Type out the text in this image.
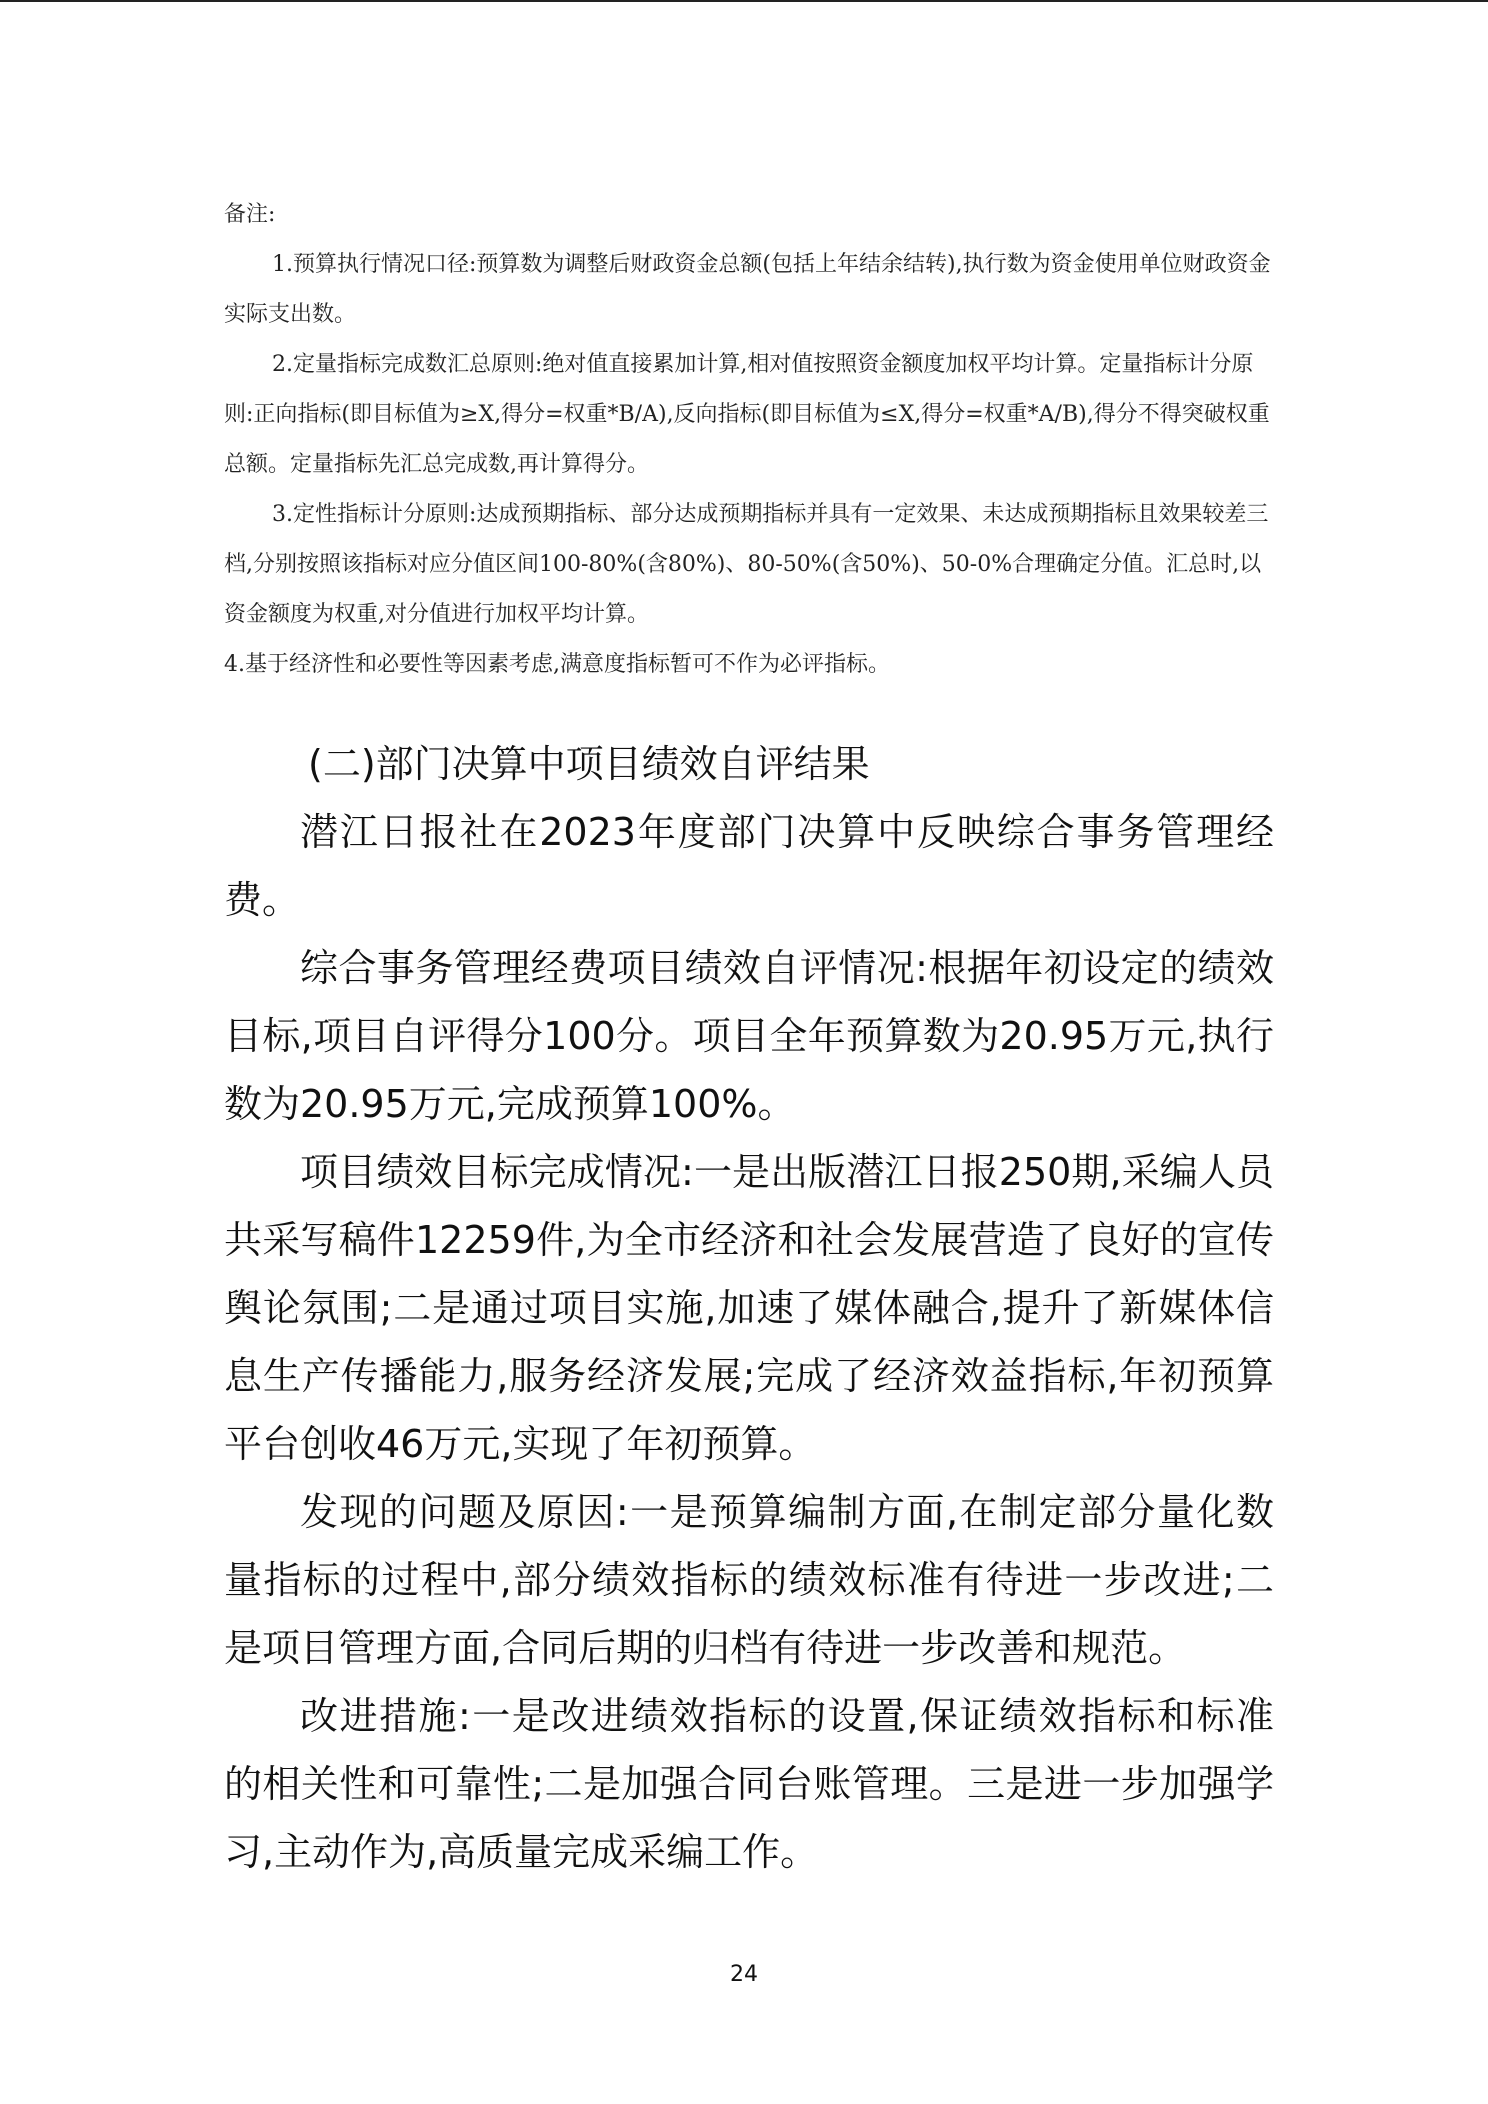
备注:

1.预算执行情况口径:预算数为调整后财政资金总额(包括上年结余结转),执行数为资金使用单位财政资金实际支出数。

2.定量指标完成数汇总原则:绝对值直接累加计算,相对值按照资金额度加权平均计算。定量指标计分原则:正向指标(即目标值为≥X,得分=权重*B/A),反向指标(即目标值为≤X,得分=权重*A/B),得分不得突破权重总额。定量指标先汇总完成数,再计算得分。

3.定性指标计分原则:达成预期指标、部分达成预期指标并具有一定效果、未达成预期指标且效果较差三档,分别按照该指标对应分值区间100-80%(含80%)、80-50%(含50%)、50-0%合理确定分值。汇总时,以资金额度为权重,对分值进行加权平均计算。

4.基于经济性和必要性等因素考虑,满意度指标暂可不作为必评指标。

(二)部门决算中项目绩效自评结果

潜江日报社在2023年度部门决算中反映综合事务管理经费。

综合事务管理经费项目绩效自评情况:根据年初设定的绩效目标,项目自评得分100分。项目全年预算数为20.95万元,执行数为20.95万元,完成预算100%。

项目绩效目标完成情况:一是出版潜江日报250期,采编人员共采写稿件12259件,为全市经济和社会发展营造了良好的宣传舆论氛围;二是通过项目实施,加速了媒体融合,提升了新媒体信息生产传播能力,服务经济发展;完成了经济效益指标,年初预算平台创收46万元,实现了年初预算。

发现的问题及原因:一是预算编制方面,在制定部分量化数量指标的过程中,部分绩效指标的绩效标准有待进一步改进;二是项目管理方面,合同后期的归档有待进一步改善和规范。

改进措施:一是改进绩效指标的设置,保证绩效指标和标准的相关性和可靠性;二是加强合同台账管理。三是进一步加强学习,主动作为,高质量完成采编工作。

24
